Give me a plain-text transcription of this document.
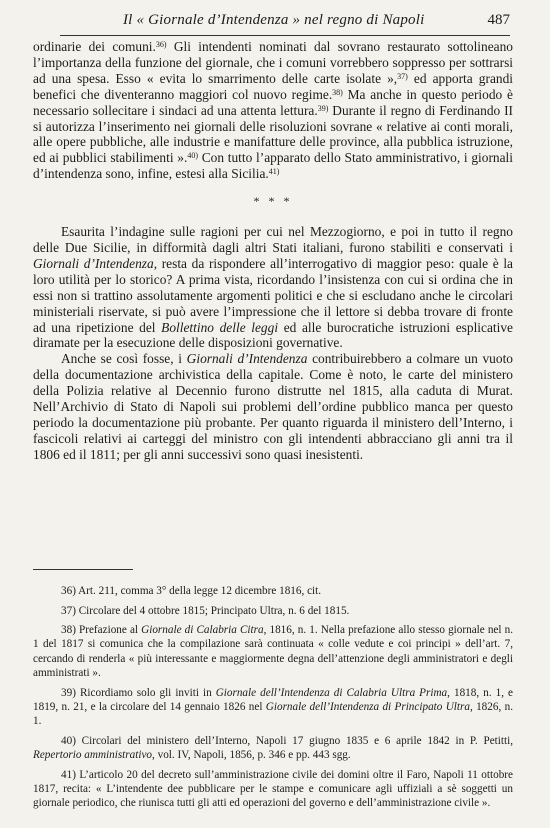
Il « Giornale d’Intendenza » nel regno di Napoli	487

ordinarie dei comuni.$^{36)}$ Gli intendenti nominati dal sovrano restaurato sottolineano l’importanza della funzione del giornale, che i comuni vorrebbero soppresso per sottrarsi ad una spesa. Esso « evita lo smarrimento delle carte isolate »,$^{37)}$ ed apporta grandi benefici che diventeranno maggiori col nuovo regime.$^{38)}$ Ma anche in questo periodo è necessario sollecitare i sindaci ad una attenta lettura.$^{39)}$ Durante il regno di Ferdinando II si autorizza l’inserimento nei giornali delle risoluzioni sovrane « relative ai conti morali, alle opere pubbliche, alle industrie e manifatture delle province, alla pubblica istruzione, ed ai pubblici stabilimenti ».$^{40)}$ Con tutto l’apparato dello Stato amministrativo, i giornali d’intendenza sono, infine, estesi alla Sicilia.$^{41)}$

* * *

Esaurita l’indagine sulle ragioni per cui nel Mezzogiorno, e poi in tutto il regno delle Due Sicilie, in difformità dagli altri Stati italiani, furono stabiliti e conservati i Giornali d’Intendenza, resta da rispondere all’interrogativo di maggior peso: quale è la loro utilità per lo storico? A prima vista, ricordando l’insistenza con cui si ordina che in essi non si trattino assolutamente argomenti politici e che si escludano anche le circolari ministeriali riservate, si può avere l’impressione che il lettore si debba trovare di fronte ad una ripetizione del Bollettino delle leggi ed alle burocratiche istruzioni esplicative diramate per la esecuzione delle disposizioni governative.

Anche se così fosse, i Giornali d’Intendenza contribuirebbero a colmare un vuoto della documentazione archivistica della capitale. Come è noto, le carte del ministero della Polizia relative al Decennio furono distrutte nel 1815, alla caduta di Murat. Nell’Archivio di Stato di Napoli sui problemi dell’ordine pubblico manca per questo periodo la documentazione più probante. Per quanto riguarda il ministero dell’Interno, i fascicoli relativi ai carteggi del ministro con gli intendenti abbracciano gli anni tra il 1806 ed il 1811; per gli anni successivi sono quasi inesistenti.

36) Art. 211, comma 3° della legge 12 dicembre 1816, cit.

37) Circolare del 4 ottobre 1815; Principato Ultra, n. 6 del 1815.

38) Prefazione al Giornale di Calabria Citra, 1816, n. 1. Nella prefazione allo stesso giornale nel n. 1 del 1817 si comunica che la compilazione sarà continuata « colle vedute e coi principi » dell’art. 7, cercando di renderla « più interessante e maggiormente degna dell’attenzione degli amministratori e degli amministrati ».

39) Ricordiamo solo gli inviti in Giornale dell’Intendenza di Calabria Ultra Prima, 1818, n. 1, e 1819, n. 21, e la circolare del 14 gennaio 1826 nel Giornale dell’Intendenza di Principato Ultra, 1826, n. 1.

40) Circolari del ministero dell’Interno, Napoli 17 giugno 1835 e 6 aprile 1842 in P. Petitti, Repertorio amministrativo, vol. IV, Napoli, 1856, p. 346 e pp. 443 sgg.

41) L’articolo 20 del decreto sull’amministrazione civile dei domini oltre il Faro, Napoli 11 ottobre 1817, recita: « L’intendente dee pubblicare per le stampe e comunicare agli uffiziali a sè soggetti un giornale periodico, che riunisca tutti gli atti ed operazioni del governo e dell’amministrazione civile ».
